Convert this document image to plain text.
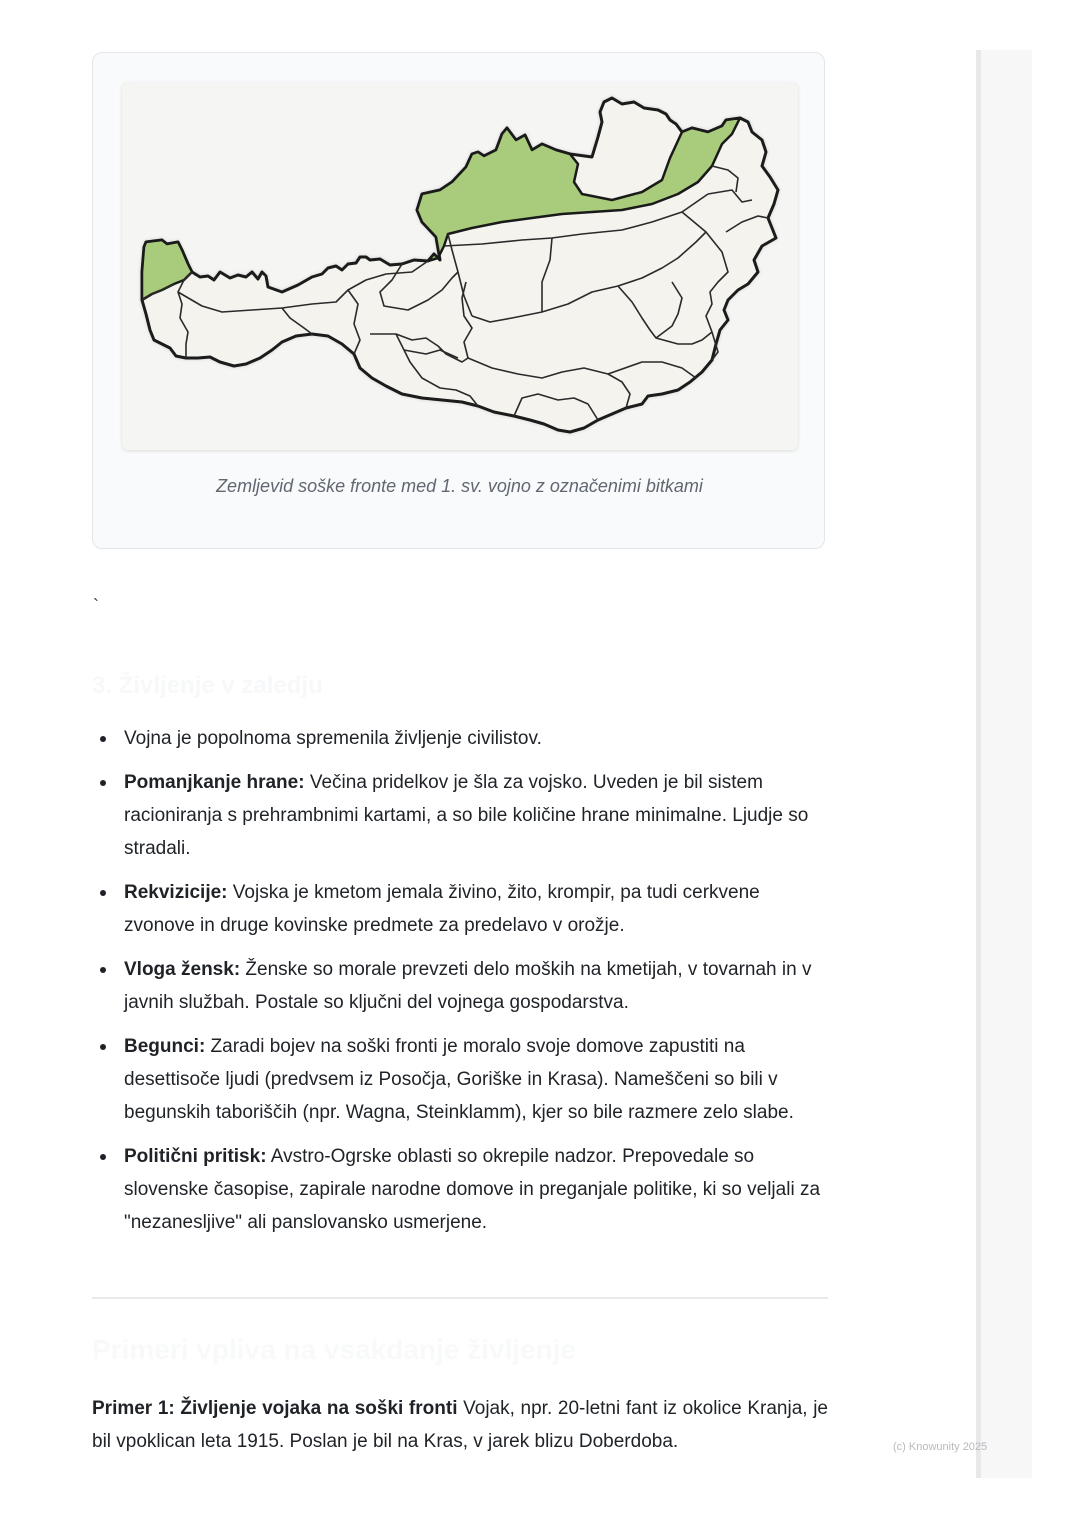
Zemljevid soške fronte med 1. sv. vojno z označenimi bitkami
`
3. Življenje v zaledju
Vojna je popolnoma spremenila življenje civilistov.
Pomanjkanje hrane: Večina pridelkov je šla za vojsko. Uveden je bil sistem racioniranja s prehrambnimi kartami, a so bile količine hrane minimalne. Ljudje so stradali.
Rekvizicije: Vojska je kmetom jemala živino, žito, krompir, pa tudi cerkvene zvonove in druge kovinske predmete za predelavo v orožje.
Vloga žensk: Ženske so morale prevzeti delo moških na kmetijah, v tovarnah in v javnih službah. Postale so ključni del vojnega gospodarstva.
Begunci: Zaradi bojev na soški fronti je moralo svoje domove zapustiti na desettisoče ljudi (predvsem iz Posočja, Goriške in Krasa). Nameščeni so bili v begunskih taboriščih (npr. Wagna, Steinklamm), kjer so bile razmere zelo slabe.
Politični pritisk: Avstro-Ogrske oblasti so okrepile nadzor. Prepovedale so slovenske časopise, zapirale narodne domove in preganjale politike, ki so veljali za "nezanesljive" ali panslovansko usmerjene.
Primeri vpliva na vsakdanje življenje

Primer 1: Življenje vojaka na soški fronti Vojak, npr. 20-letni fant iz okolice Kranja, je bil vpoklican leta 1915. Poslan je bil na Kras, v jarek blizu Doberdoba.	(c) Knowunity 2025
